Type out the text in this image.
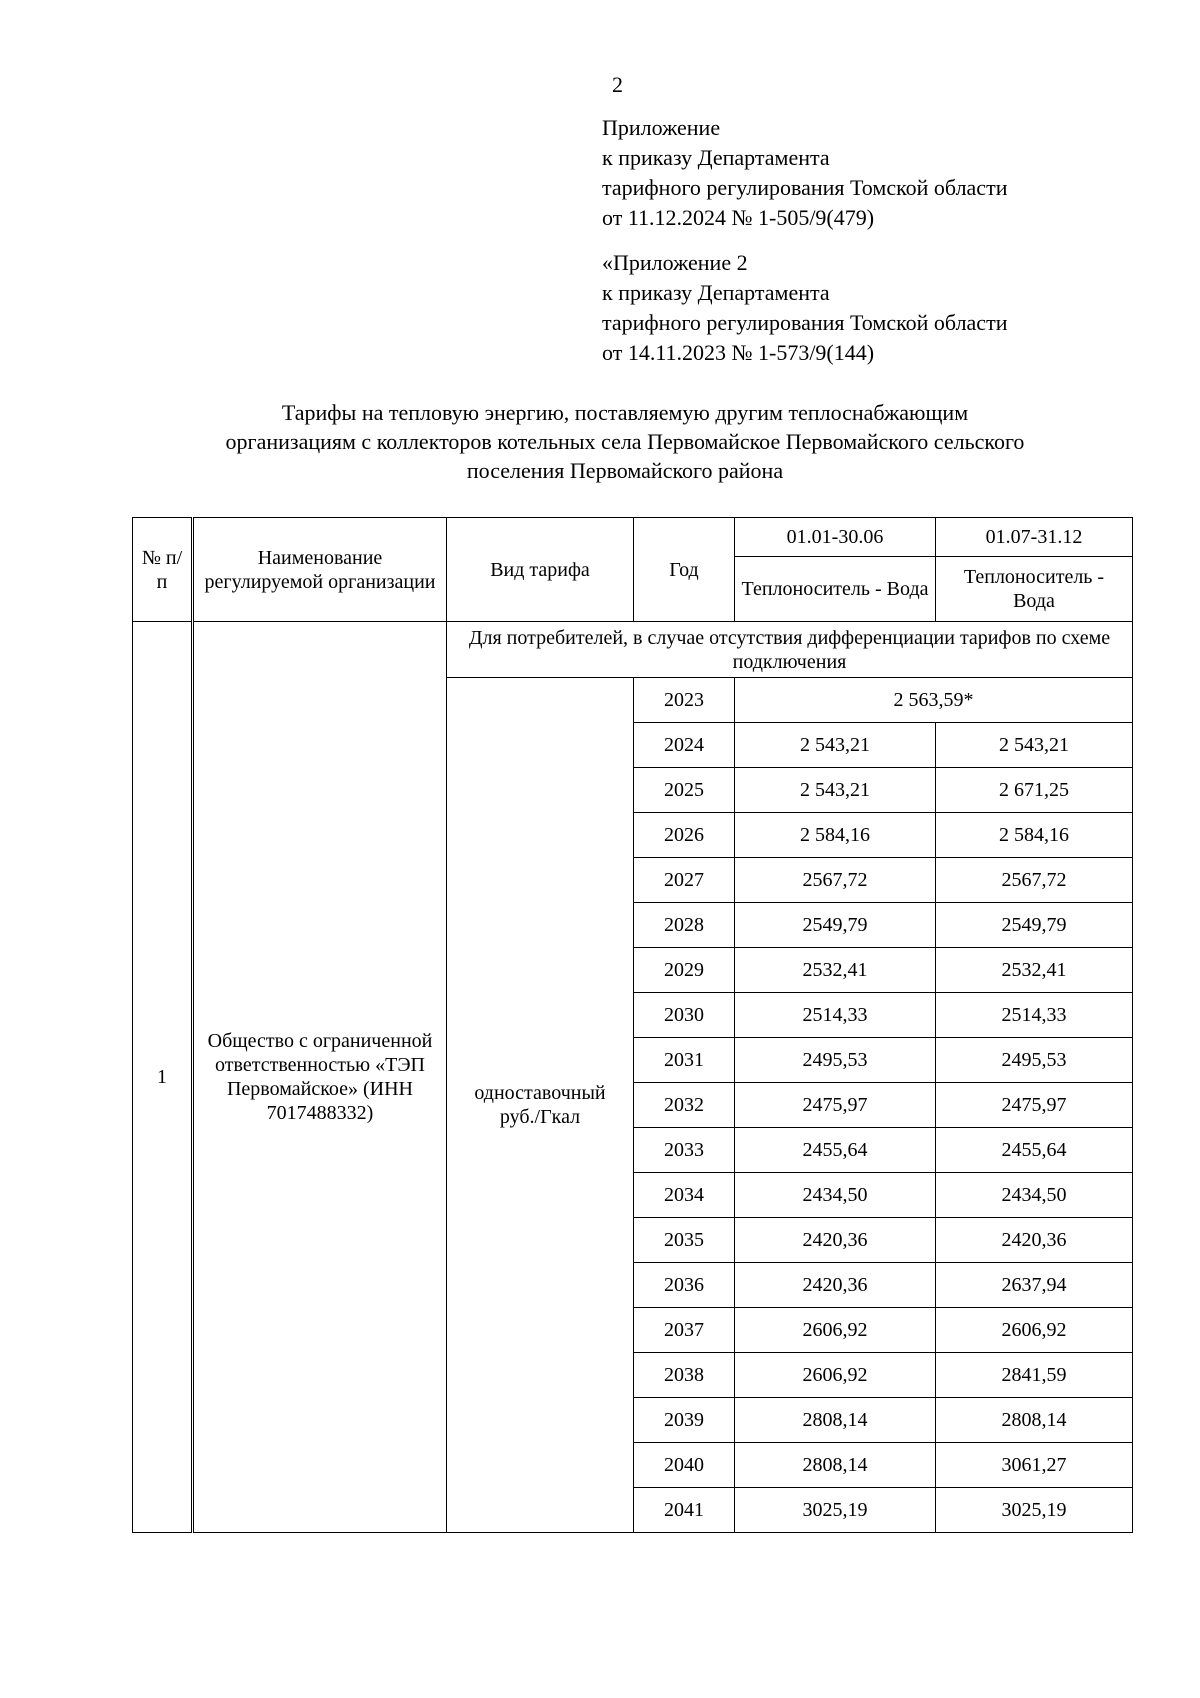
2
Приложение
к приказу Департамента
тарифного регулирования Томской области
от 11.12.2024 № 1-505/9(479)
«Приложение 2
к приказу Департамента
тарифного регулирования Томской области
от 14.11.2023 № 1-573/9(144)
Тарифы на тепловую энергию, поставляемую другим теплоснабжающим
организациям с коллекторов котельных села Первомайское Первомайского сельского
поселения Первомайского района
№ п/п	Наименование регулируемой организации	Вид тарифа	Год	01.01-30.06	01.07-31.12
				Теплоноситель - Вода	Теплоноситель - Вода
1	Общество с ограниченной ответственностью «ТЭП Первомайское» (ИНН 7017488332)	Для потребителей, в случае отсутствия дифференциации тарифов по схеме подключения			
		одноставочный руб./Гкал	2023	2 563,59*	
			2024	2 543,21	2 543,21
			2025	2 543,21	2 671,25
			2026	2 584,16	2 584,16
			2027	2567,72	2567,72
			2028	2549,79	2549,79
			2029	2532,41	2532,41
			2030	2514,33	2514,33
			2031	2495,53	2495,53
			2032	2475,97	2475,97
			2033	2455,64	2455,64
			2034	2434,50	2434,50
			2035	2420,36	2420,36
			2036	2420,36	2637,94
			2037	2606,92	2606,92
			2038	2606,92	2841,59
			2039	2808,14	2808,14
			2040	2808,14	3061,27
			2041	3025,19	3025,19
